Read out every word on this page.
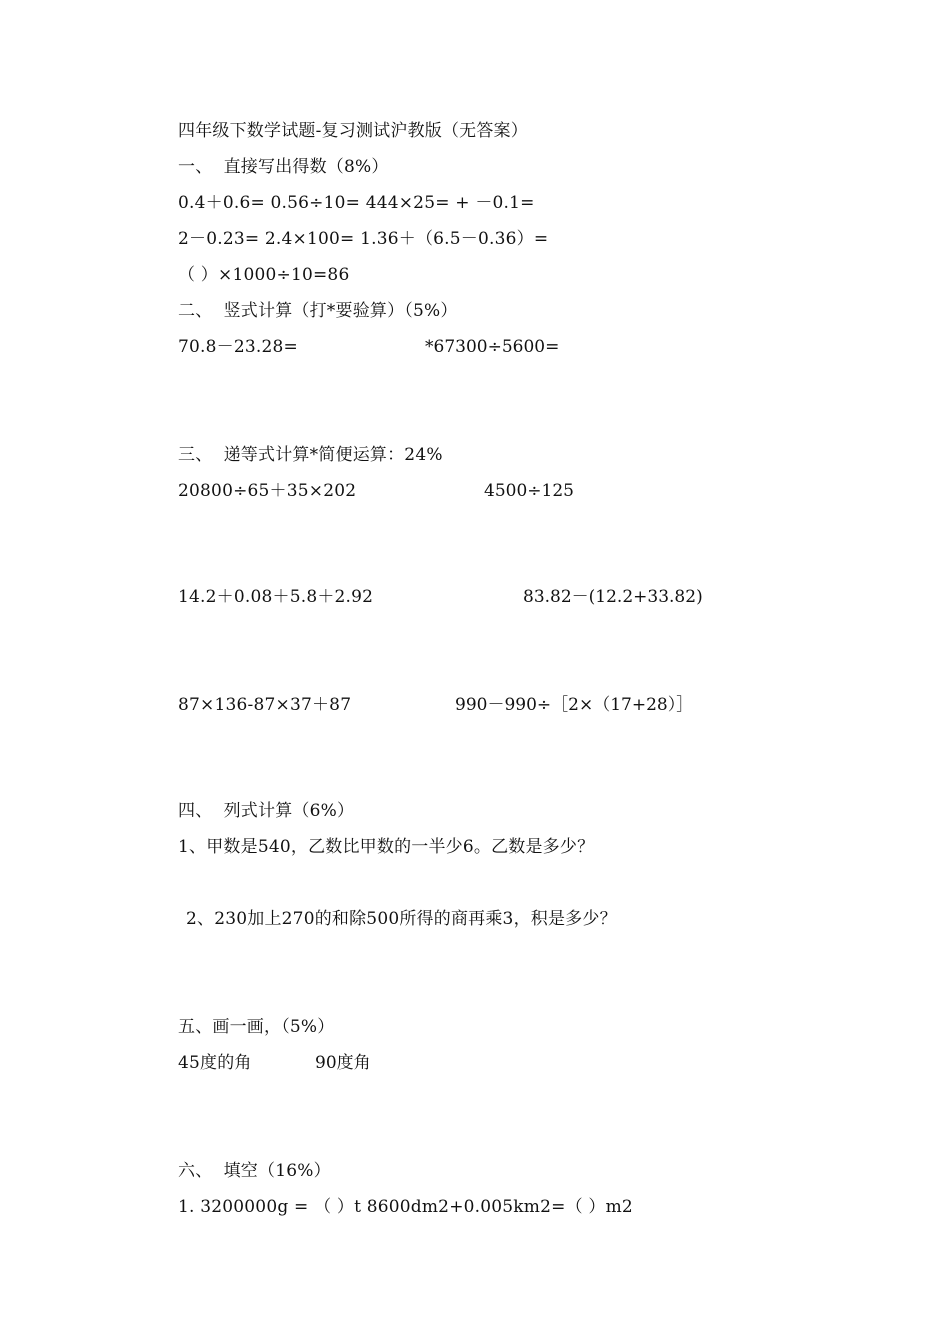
四年级下数学试题-复习测试沪教版（无答案）
一、  直接写出得数（8%）
0.4＋0.6= 0.56÷10= 444×25= + －0.1=
2－0.23= 2.4×100= 1.36＋（6.5－0.36）=
（ ）×1000÷10=86
二、  竖式计算（打*要验算）（5%）
70.8－23.28=	*67300÷5600=
三、  递等式计算*简便运算：24%
20800÷65＋35×202	4500÷125
14.2＋0.08＋5.8＋2.92	83.82－(12.2+33.82)
87×136-87×37＋87	990－990÷［2×（17+28）］
四、  列式计算（6%）
1、甲数是540，乙数比甲数的一半少6。乙数是多少？
2、230加上270的和除500所得的商再乘3，积是多少？
五、画一画，（5%）
45度的角	90度角
六、  填空（16%）
1. 3200000g = （ ）t 8600dm2+0.005km2=（ ）m2
